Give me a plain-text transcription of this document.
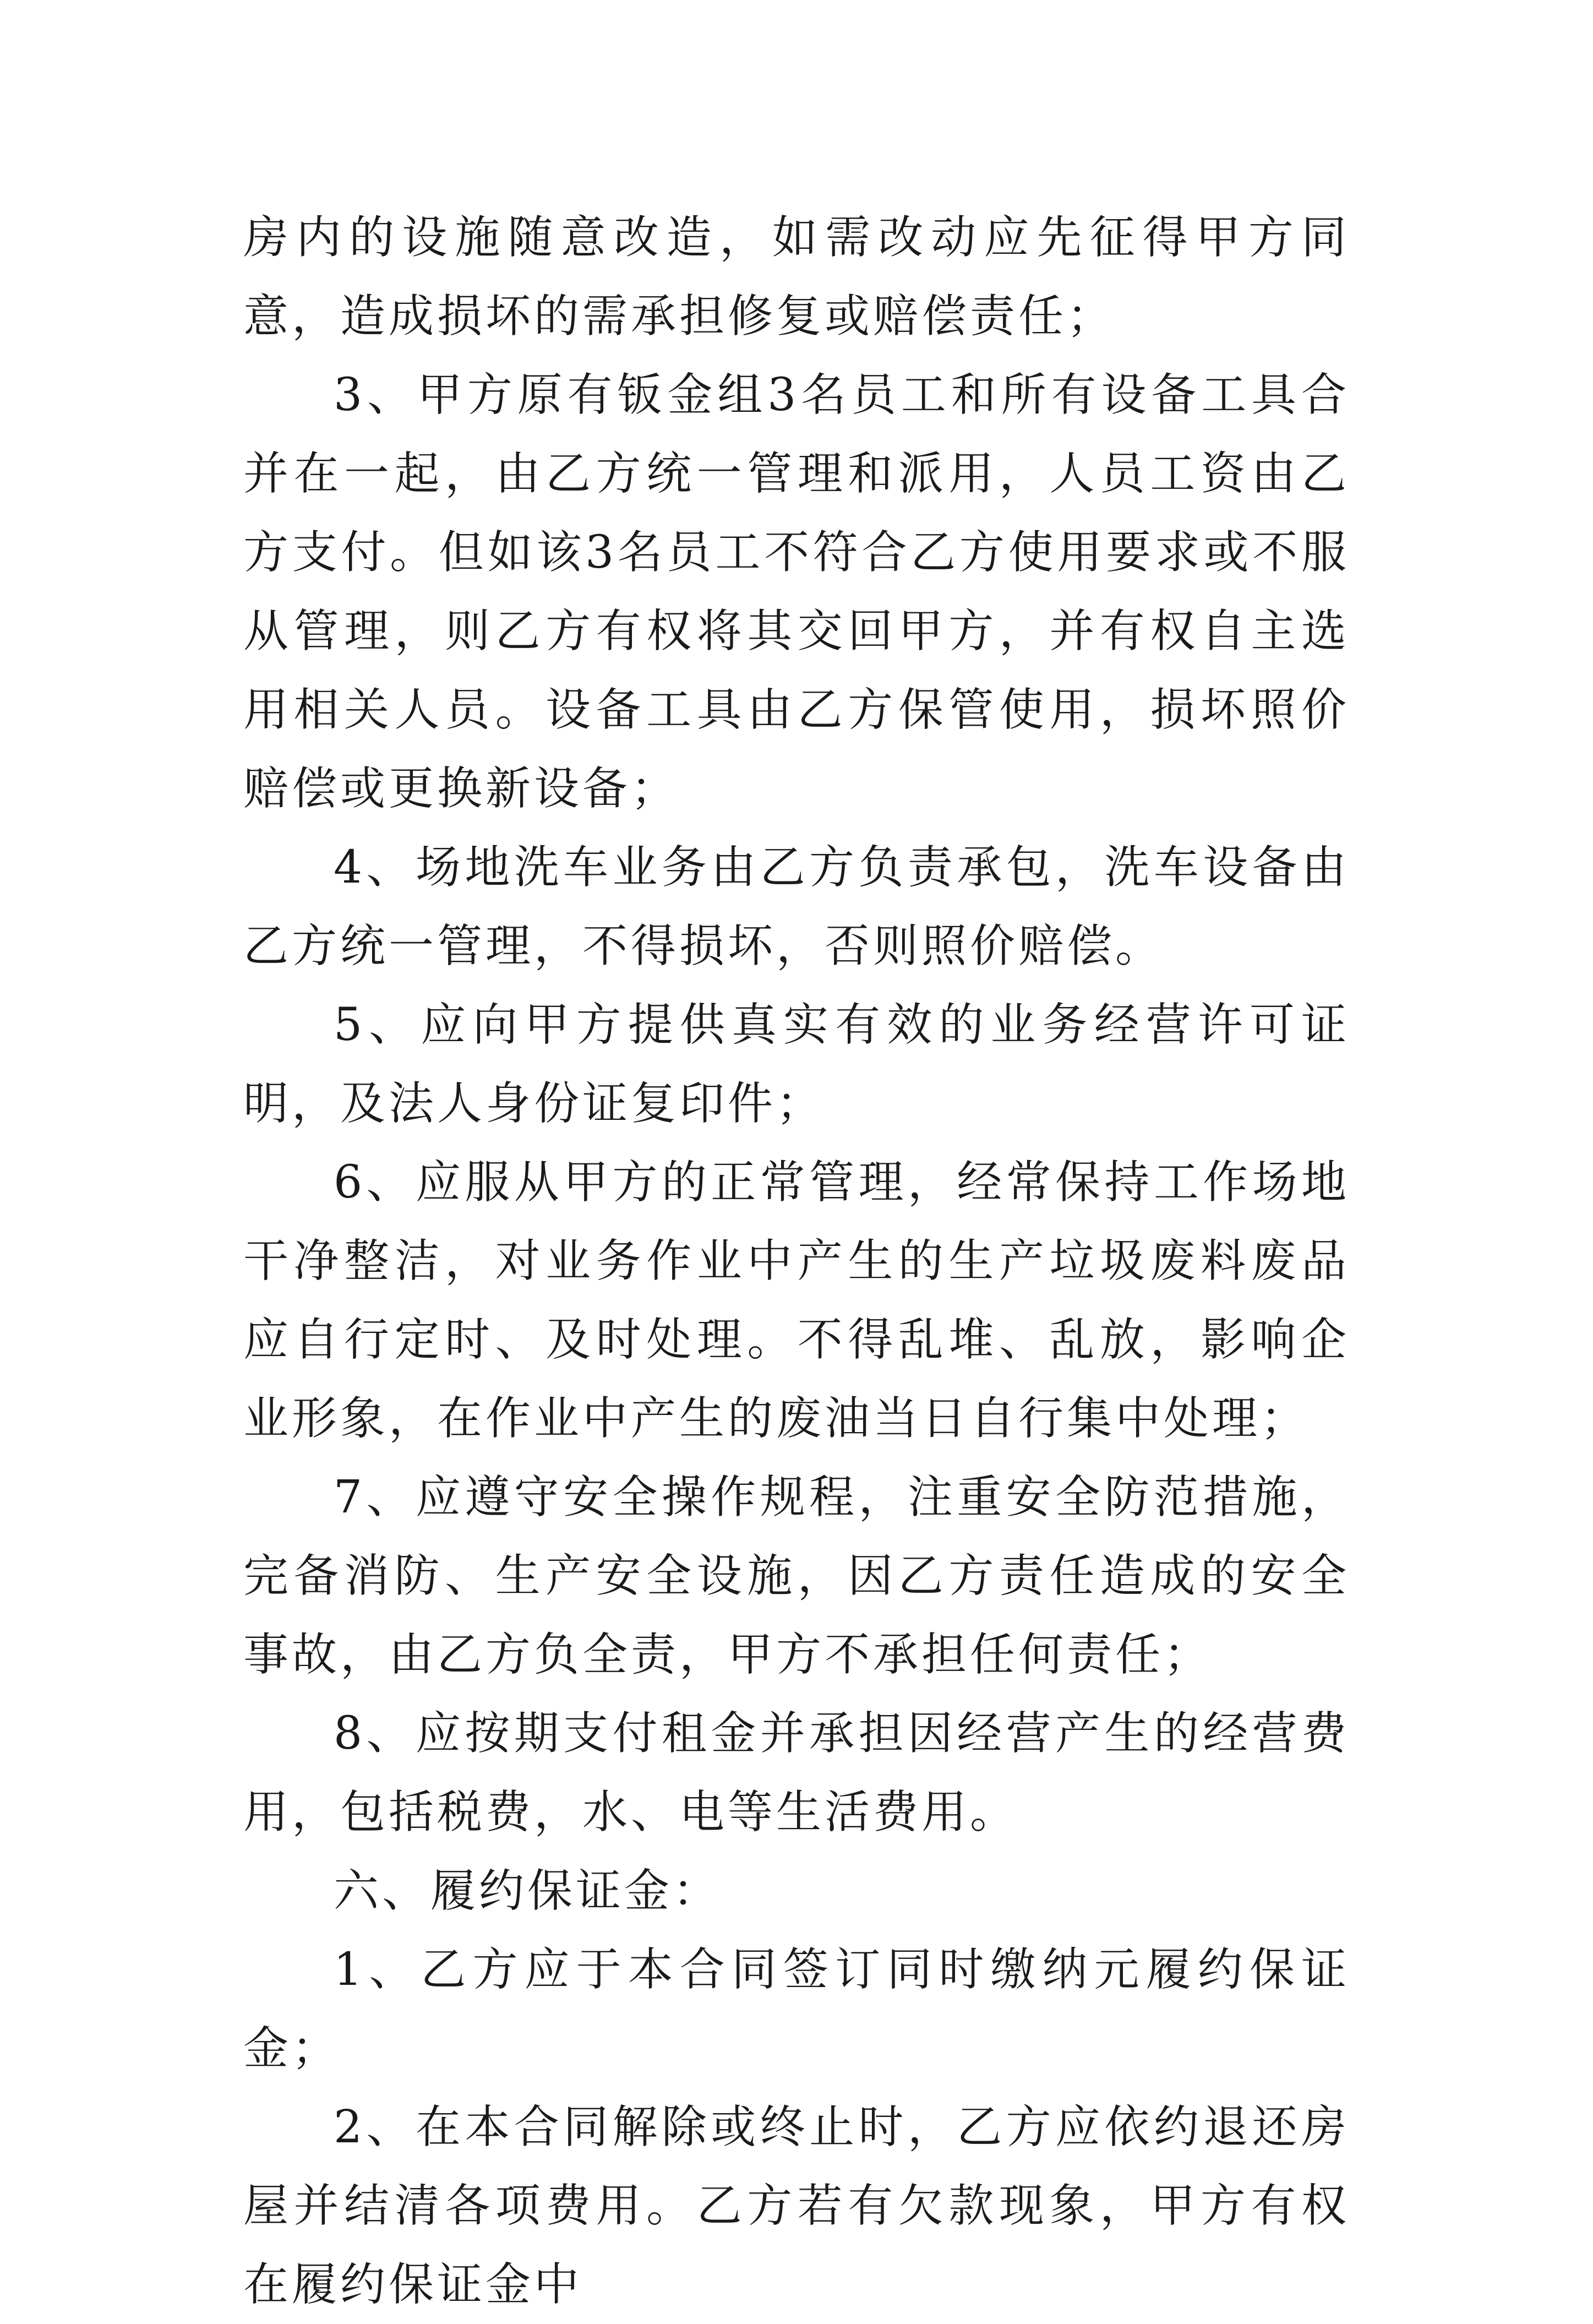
房内的设施随意改造，如需改动应先征得甲方同意，造成损坏的需承担修复或赔偿责任；

3、甲方原有钣金组3名员工和所有设备工具合并在一起，由乙方统一管理和派用，人员工资由乙方支付。但如该3名员工不符合乙方使用要求或不服从管理，则乙方有权将其交回甲方，并有权自主选用相关人员。设备工具由乙方保管使用，损坏照价赔偿或更换新设备；

4、场地洗车业务由乙方负责承包，洗车设备由乙方统一管理，不得损坏，否则照价赔偿。

5、应向甲方提供真实有效的业务经营许可证明，及法人身份证复印件；

6、应服从甲方的正常管理，经常保持工作场地干净整洁，对业务作业中产生的生产垃圾废料废品应自行定时、及时处理。不得乱堆、乱放，影响企业形象，在作业中产生的废油当日自行集中处理；

7、应遵守安全操作规程，注重安全防范措施，完备消防、生产安全设施，因乙方责任造成的安全事故，由乙方负全责，甲方不承担任何责任；

8、应按期支付租金并承担因经营产生的经营费用，包括税费，水、电等生活费用。

六、履约保证金：

1、乙方应于本合同签订同时缴纳元履约保证金；

2、在本合同解除或终止时，乙方应依约退还房屋并结清各项费用。乙方若有欠款现象，甲方有权在履约保证金中
